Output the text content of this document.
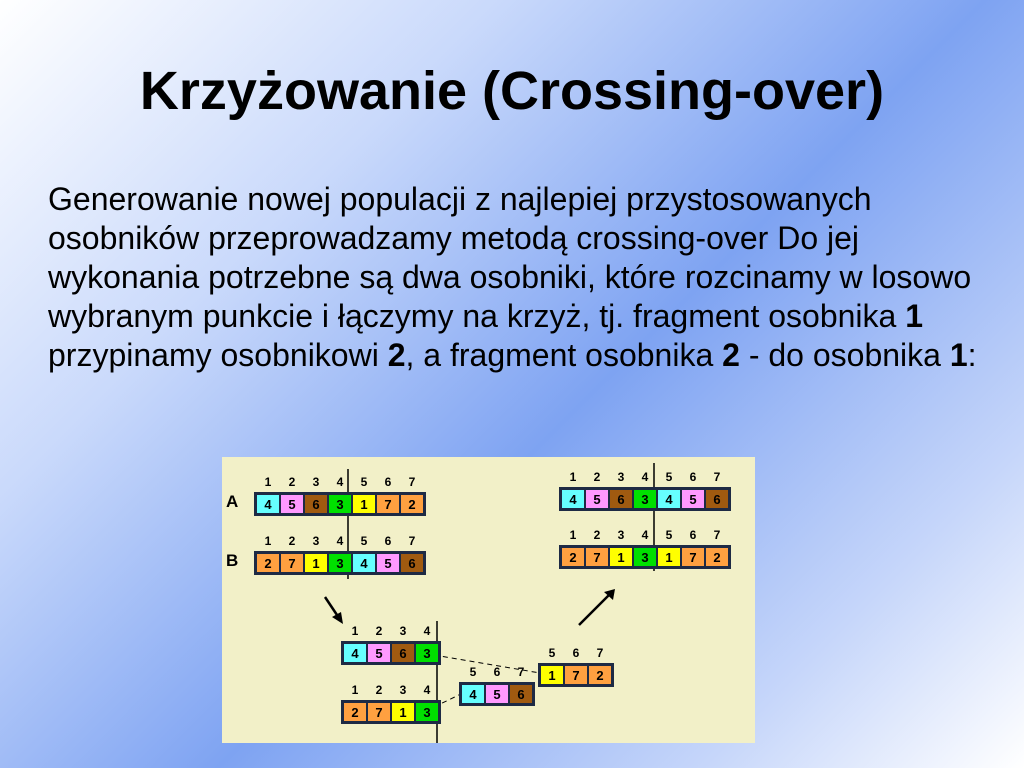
Krzyżowanie (Crossing-over)

Generowanie nowej populacji z najlepiej przystosowanych osobników przeprowadzamy metodą crossing-over Do jej wykonania potrzebne są dwa osobniki, które rozcinamy w losowo wybranym punkcie i łączymy na krzyż, tj. fragment osobnika 1 przypinamy osobnikowi 2, a fragment osobnika 2 - do osobnika 1:

A
B
4 5 6 3 1 7 2
1 2 3 4 5 6 7
2 7 1 3 4 5 6
1 2 3 4 5 6 7
4 5 6 3
1 2 3 4
2 7 1 3
1 2 3 4	4 5 6
5 6 7 1 7 2
5 6 7
4 5 6 3 4 5 6
1 2 3 4 5 6 7
2 7 1 3 1 7 2
1 2 3 4 5 6 7
